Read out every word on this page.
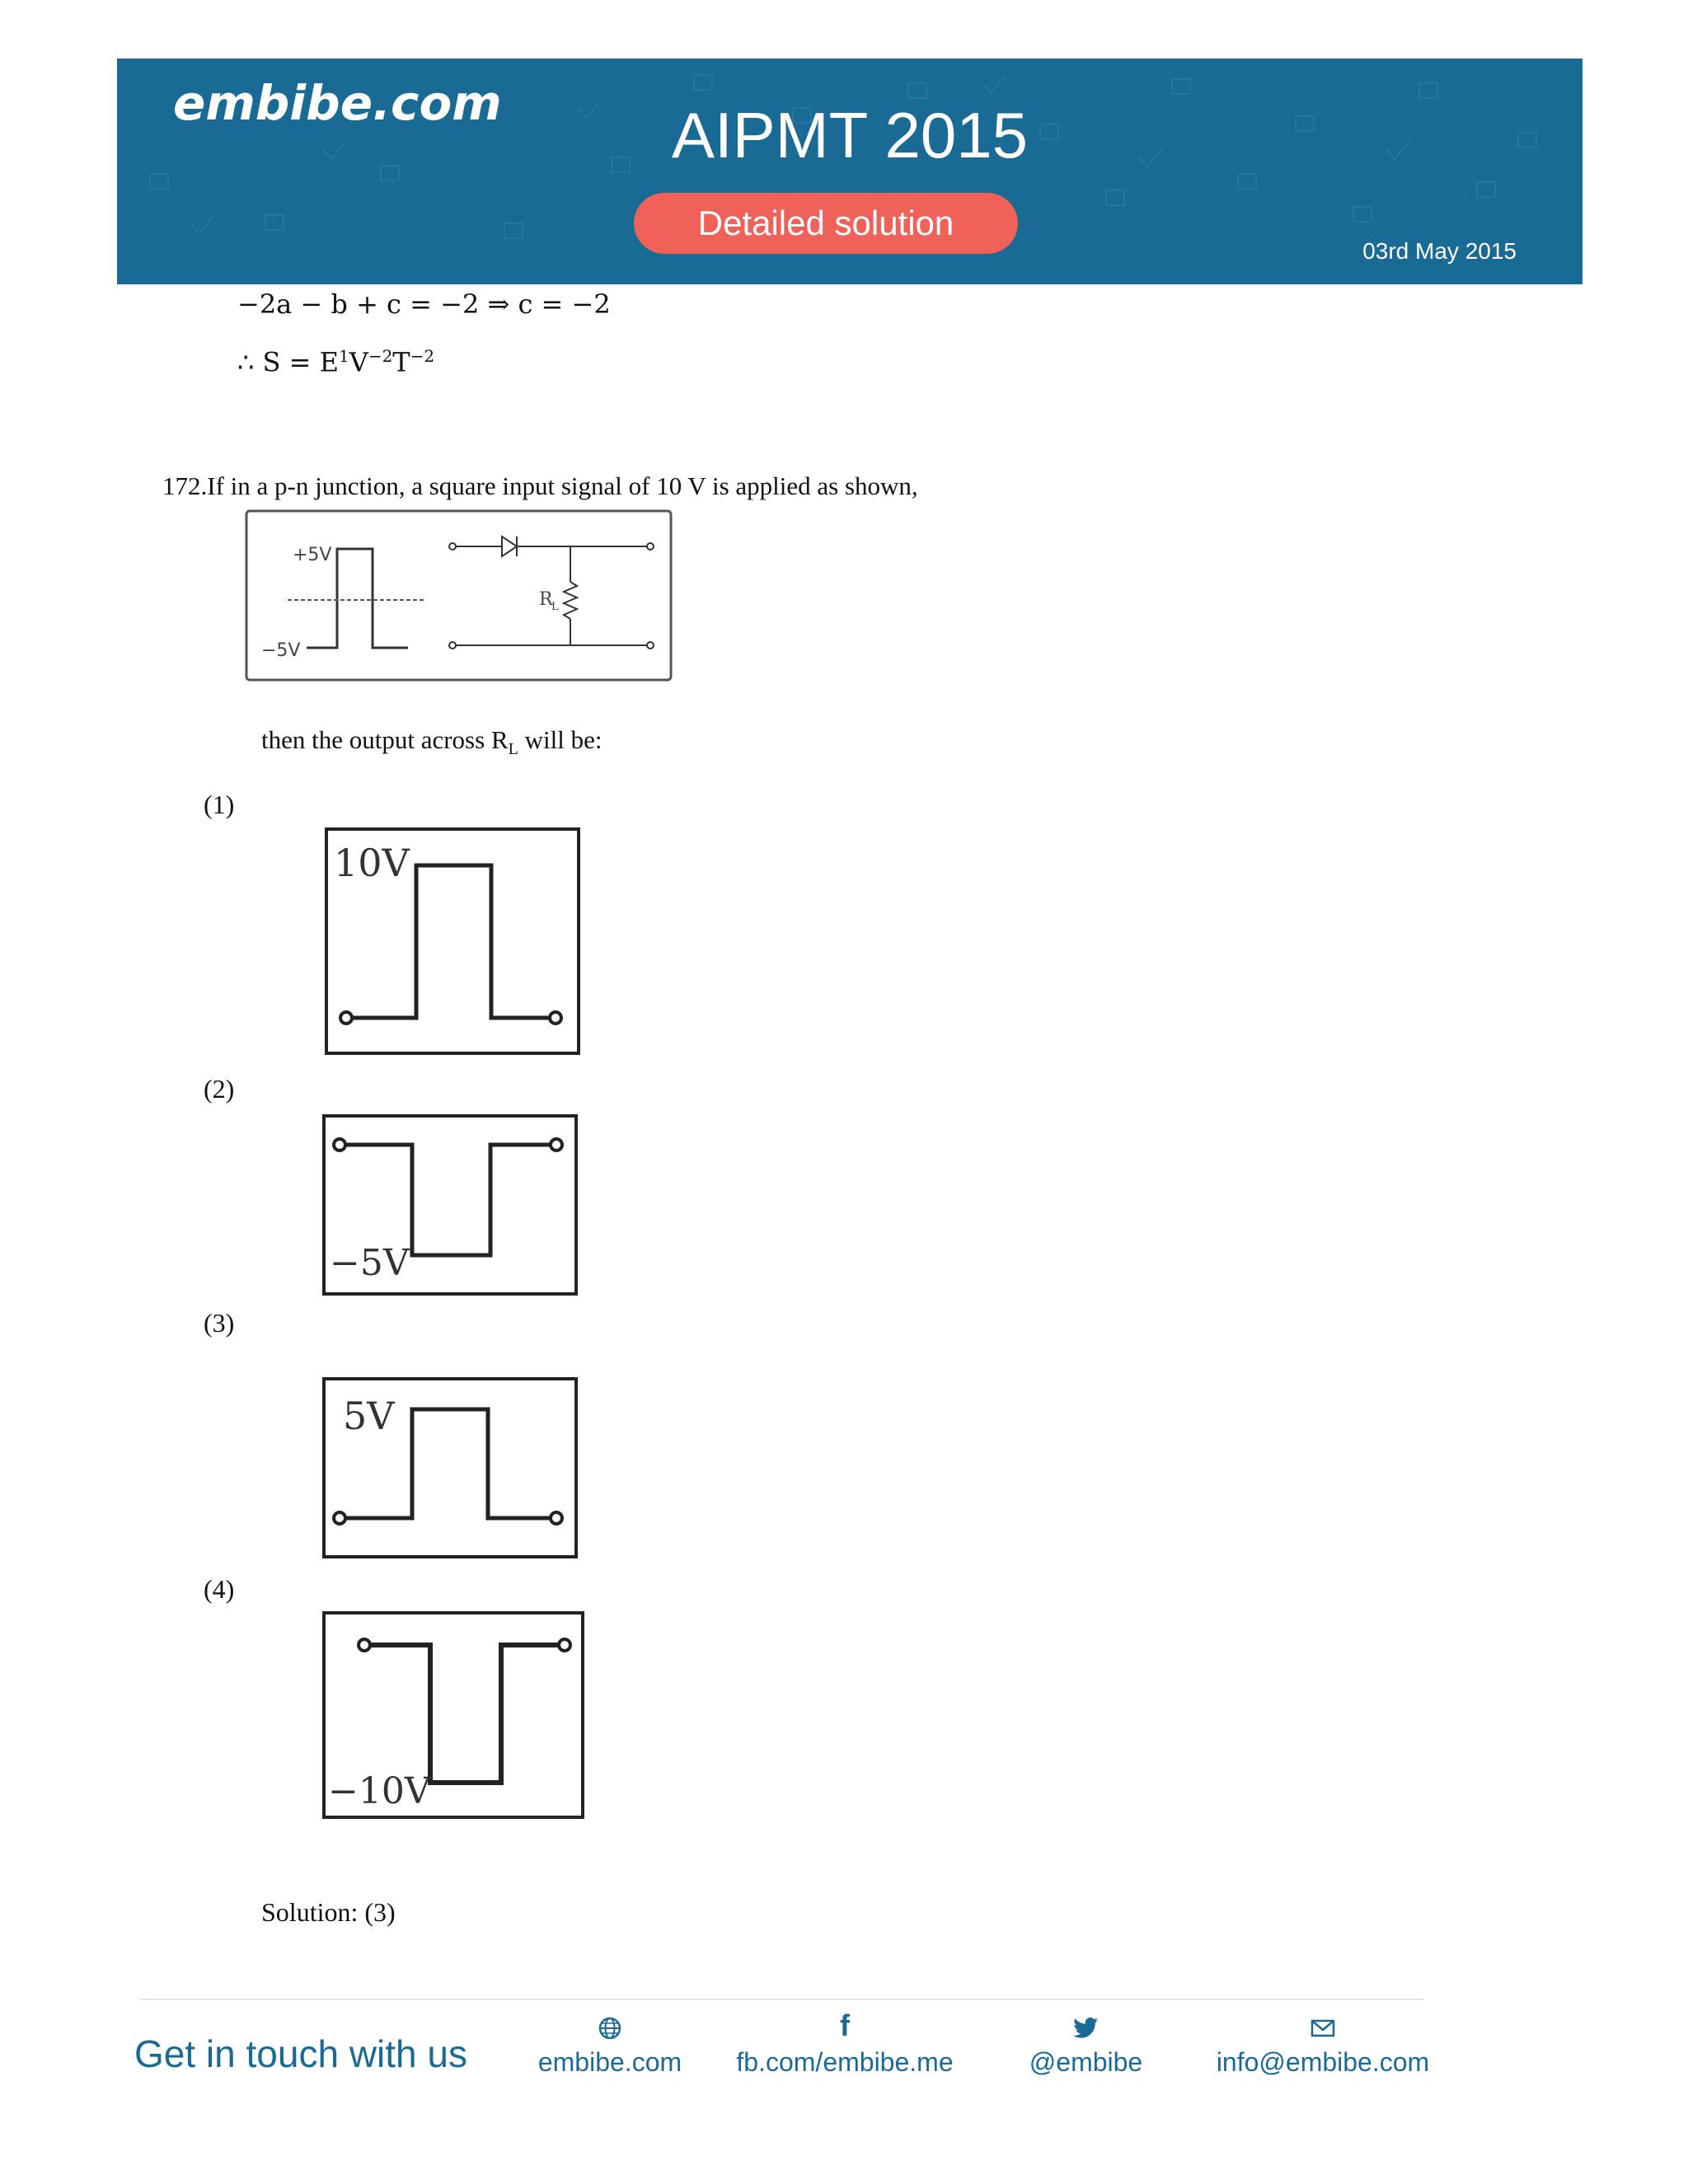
embibe.com	AIPMT 2015
Detailed solution
03rd May 2015
−2a − b + c = −2 ⇒ c = −2
∴ $S = E^1V^{-2}T^{-2}$
172.If in a p-n junction, a square input signal of 10 V is applied as shown,
+5V
−5V
R
L
then the output across $R_L$ will be:
(1)
10V
(2)
−5V
(3)
5V
(4)
−10V
Solution: (3)
Get in touch with us	embibe.com
f
fb.com/embibe.me	@embibe	info@embibe.com
